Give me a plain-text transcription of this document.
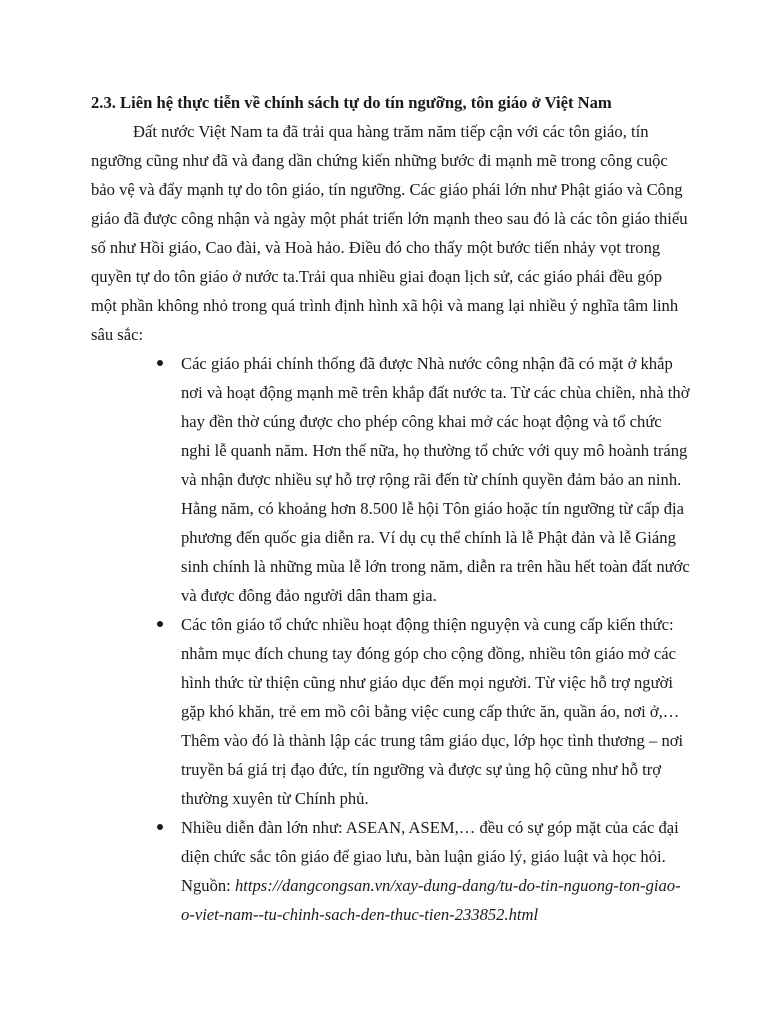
2.3. Liên hệ thực tiễn về chính sách tự do tín ngưỡng, tôn giáo ở Việt Nam

Đất nước Việt Nam ta đã trải qua hàng trăm năm tiếp cận với các tôn giáo, tín ngưỡng cũng như đã và đang dần chứng kiến những bước đi mạnh mẽ trong công cuộc bảo vệ và đẩy mạnh tự do tôn giáo, tín ngưỡng. Các giáo phái lớn như Phật giáo và Công giáo đã được công nhận và ngày một phát triển lớn mạnh theo sau đó là các tôn giáo thiểu số như Hồi giáo, Cao đài, và Hoà hảo. Điều đó cho thấy một bước tiến nhảy vọt trong quyền tự do tôn giáo ở nước ta.Trải qua nhiều giai đoạn lịch sử, các giáo phái đều góp một phần không nhỏ trong quá trình định hình xã hội và mang lại nhiều ý nghĩa tâm linh sâu sắc:

Các giáo phái chính thống đã được Nhà nước công nhận đã có mặt ở khắp nơi và hoạt động mạnh mẽ trên khắp đất nước ta. Từ các chùa chiền, nhà thờ hay đền thờ cúng được cho phép công khai mở các hoạt động và tổ chức nghi lễ quanh năm. Hơn thế nữa, họ thường tổ chức với quy mô hoành tráng và nhận được nhiều sự hỗ trợ rộng rãi đến từ chính quyền đảm bảo an ninh. Hằng năm, có khoảng hơn 8.500 lễ hội Tôn giáo hoặc tín ngưỡng từ cấp địa phương đến quốc gia diễn ra. Ví dụ cụ thể chính là lễ Phật đản và lễ Giáng sinh chính là những mùa lễ lớn trong năm, diễn ra trên hầu hết toàn đất nước và được đông đảo người dân tham gia.
Các tôn giáo tổ chức nhiều hoạt động thiện nguyện và cung cấp kiến thức: nhằm mục đích chung tay đóng góp cho cộng đồng, nhiều tôn giáo mở các hình thức từ thiện cũng như giáo dục đến mọi người. Từ việc hỗ trợ người gặp khó khăn, trẻ em mồ côi bằng việc cung cấp thức ăn, quần áo, nơi ở,… Thêm vào đó là thành lập các trung tâm giáo dục, lớp học tình thương – nơi truyền bá giá trị đạo đức, tín ngưỡng và được sự ủng hộ cũng như hỗ trợ thường xuyên từ Chính phủ.
Nhiều diễn đàn lớn như: ASEAN, ASEM,… đều có sự góp mặt của các đại diện chức sắc tôn giáo để giao lưu, bàn luận giáo lý, giáo luật và học hỏi. Nguồn: https://dangcongsan.vn/xay-dung-dang/tu-do-tin-nguong-ton-giao-o-viet-nam--tu-chinh-sach-den-thuc-tien-233852.html
